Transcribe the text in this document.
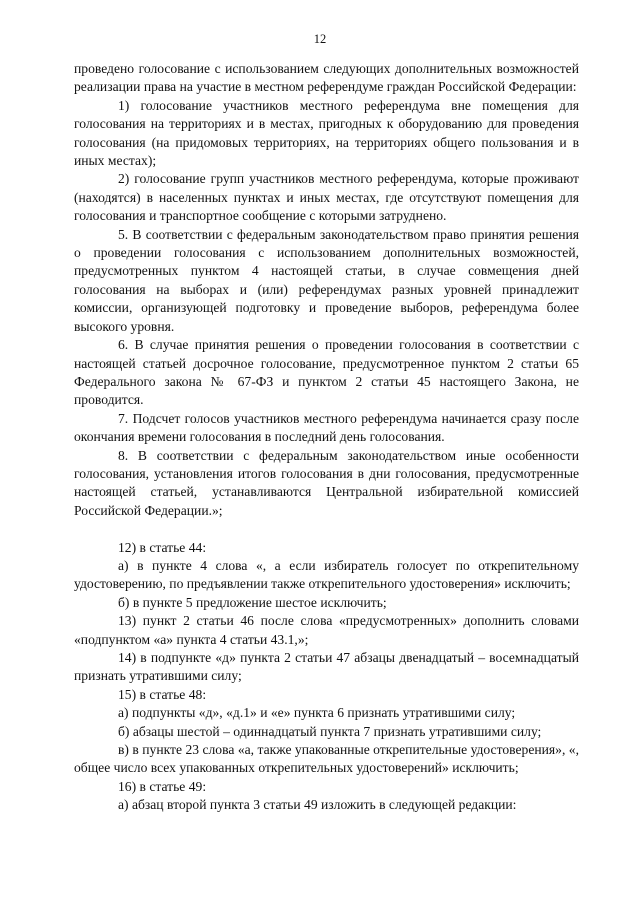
12

проведено голосование с использованием следующих дополнительных возможностей реализации права на участие в местном референдуме граждан Российской Федерации:

1) голосование участников местного референдума вне помещения для голосования на территориях и в местах, пригодных к оборудованию для проведения голосования (на придомовых территориях, на территориях общего пользования и в иных местах);

2) голосование групп участников местного референдума, которые проживают (находятся) в населенных пунктах и иных местах, где отсутствуют помещения для голосования и транспортное сообщение с которыми затруднено.

5. В соответствии с федеральным законодательством право принятия решения о проведении голосования с использованием дополнительных возможностей, предусмотренных пунктом 4 настоящей статьи, в случае совмещения дней голосования на выборах и (или) референдумах разных уровней принадлежит комиссии, организующей подготовку и проведение выборов, референдума более высокого уровня.

6. В случае принятия решения о проведении голосования в соответствии с настоящей статьей досрочное голосование, предусмотренное пунктом 2 статьи 65 Федерального закона № 67-ФЗ и пунктом 2 статьи 45 настоящего Закона, не проводится.

7. Подсчет голосов участников местного референдума начинается сразу после окончания времени голосования в последний день голосования.

8. В соответствии с федеральным законодательством иные особенности голосования, установления итогов голосования в дни голосования, предусмотренные настоящей статьей, устанавливаются Центральной избирательной комиссией Российской Федерации.»;

12) в статье 44:

а) в пункте 4 слова «, а если избиратель голосует по открепительному удостоверению, по предъявлении также открепительного удостоверения» исключить;

б) в пункте 5 предложение шестое исключить;

13) пункт 2 статьи 46 после слова «предусмотренных» дополнить словами «подпунктом «а» пункта 4 статьи 43.1,»;

14) в подпункте «д» пункта 2 статьи 47 абзацы двенадцатый – восемнадцатый признать утратившими силу;

15) в статье 48:

а) подпункты «д», «д.1» и «е» пункта 6 признать утратившими силу;

б) абзацы шестой – одиннадцатый пункта 7 признать утратившими силу;

в) в пункте 23 слова «а, также упакованные открепительные удостоверения», «, общее число всех упакованных открепительных удостоверений» исключить;

16) в статье 49:

а) абзац второй пункта 3 статьи 49 изложить в следующей редакции:
